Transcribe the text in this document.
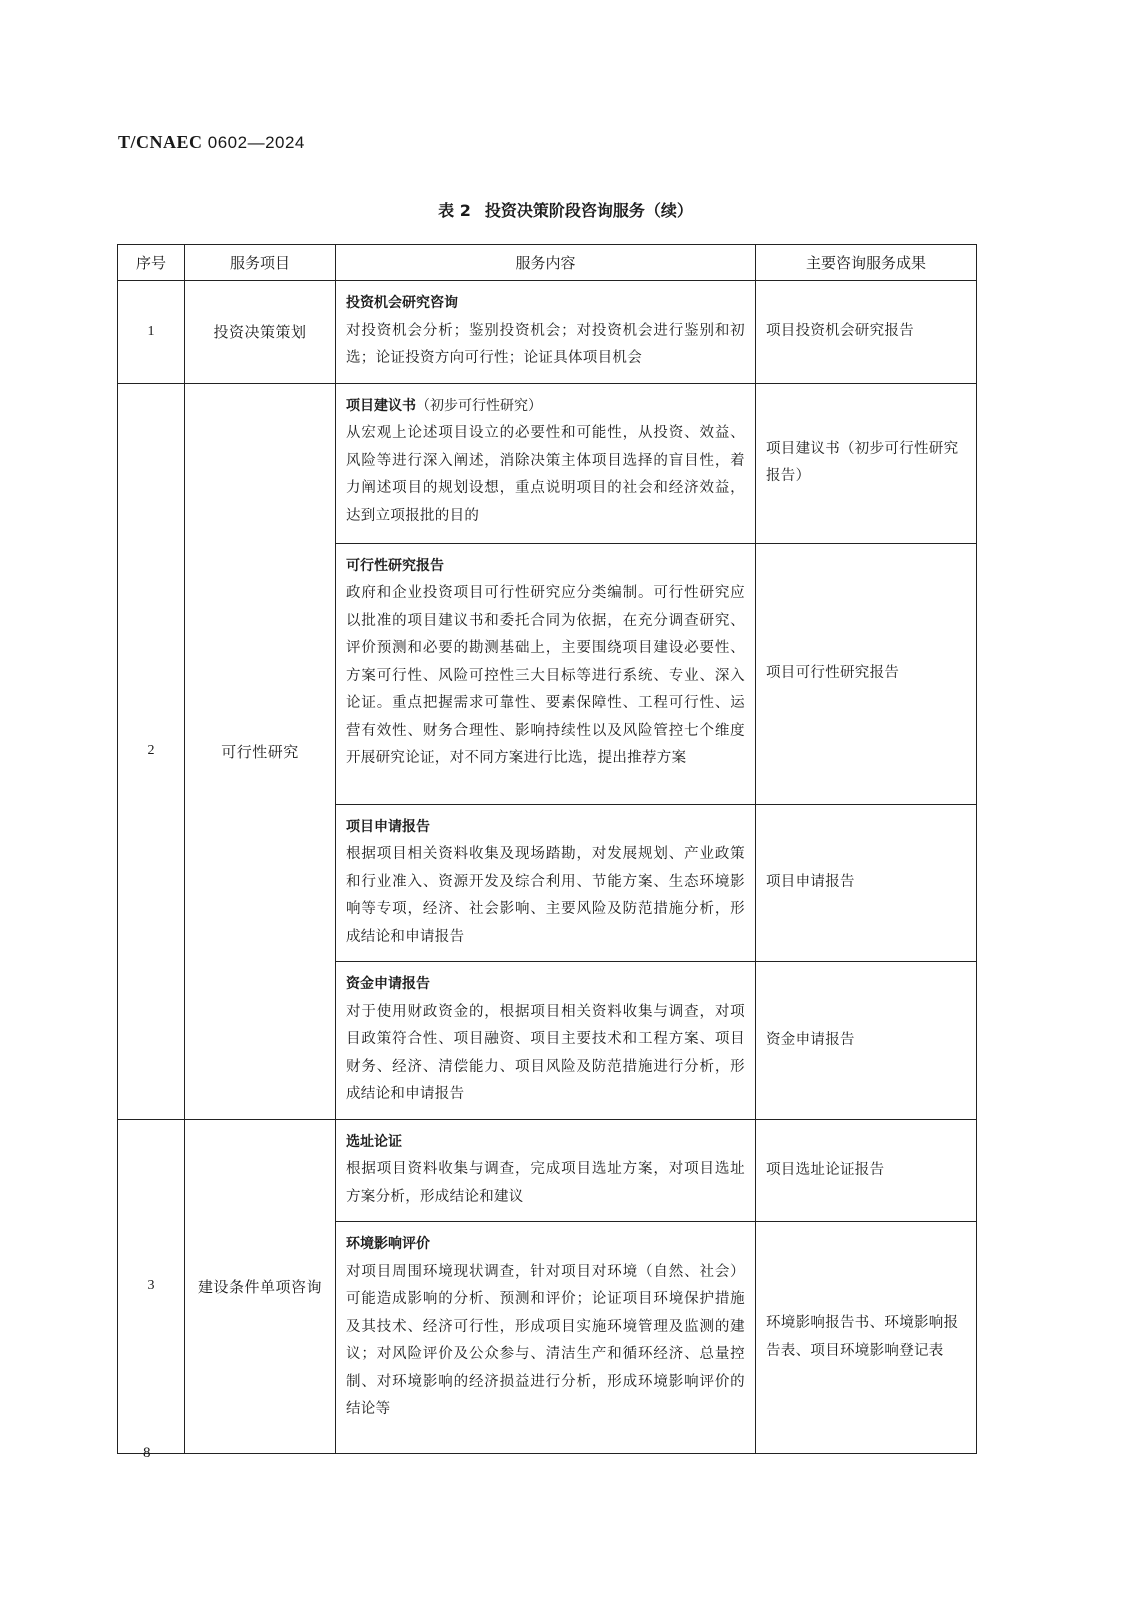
T/CNAEC 0602—2024
表 2 投资决策阶段咨询服务（续）
序号	服务项目	服务内容	主要咨询服务成果
1	投资决策策划	投资机会研究咨询
对投资机会分析；鉴别投资机会；对投资机会进行鉴别和初选；论证投资方向可行性；论证具体项目机会	项目投资机会研究报告
2	可行性研究	项目建议书（初步可行性研究）
从宏观上论述项目设立的必要性和可能性，从投资、效益、风险等进行深入阐述，消除决策主体项目选择的盲目性，着力阐述项目的规划设想，重点说明项目的社会和经济效益，达到立项报批的目的	项目建议书（初步可行性研究报告）

		可行性研究报告
政府和企业投资项目可行性研究应分类编制。可行性研究应以批准的项目建议书和委托合同为依据，在充分调查研究、评价预测和必要的勘测基础上，主要围绕项目建设必要性、方案可行性、风险可控性三大目标等进行系统、专业、深入论证。重点把握需求可靠性、要素保障性、工程可行性、运营有效性、财务合理性、影响持续性以及风险管控七个维度开展研究论证，对不同方案进行比选，提出推荐方案	项目可行性研究报告

		项目申请报告
根据项目相关资料收集及现场踏勘，对发展规划、产业政策和行业准入、资源开发及综合利用、节能方案、生态环境影响等专项，经济、社会影响、主要风险及防范措施分析，形成结论和申请报告	项目申请报告

		资金申请报告
对于使用财政资金的，根据项目相关资料收集与调查，对项目政策符合性、项目融资、项目主要技术和工程方案、项目财务、经济、清偿能力、项目风险及防范措施进行分析，形成结论和申请报告	资金申请报告
3	建设条件单项咨询	选址论证
根据项目资料收集与调查，完成项目选址方案，对项目选址方案分析，形成结论和建议	项目选址论证报告

		环境影响评价
对项目周围环境现状调查，针对项目对环境（自然、社会）可能造成影响的分析、预测和评价；论证项目环境保护措施及其技术、经济可行性，形成项目实施环境管理及监测的建议；对风险评价及公众参与、清洁生产和循环经济、总量控制、对环境影响的经济损益进行分析，形成环境影响评价的结论等	环境影响报告书、环境影响报告表、项目环境影响登记表
8
